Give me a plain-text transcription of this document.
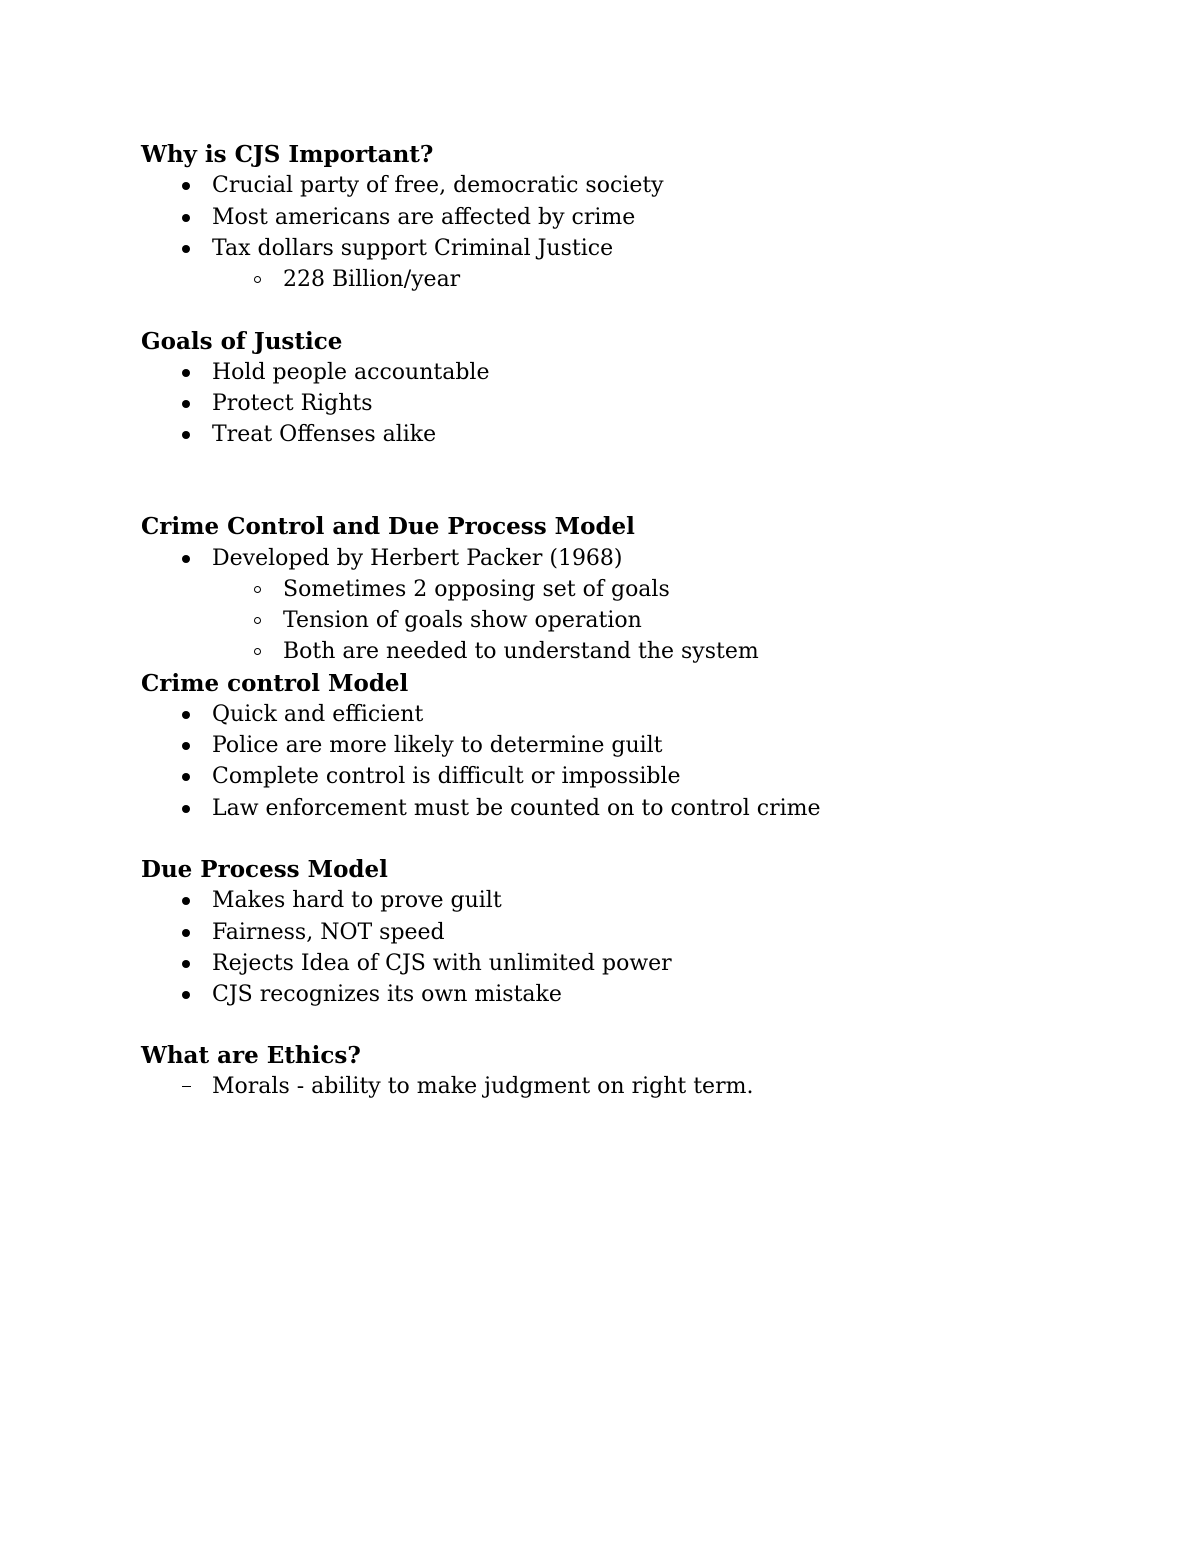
Why is CJS Important?
Crucial party of free, democratic society
Most americans are affected by crime
Tax dollars support Criminal Justice
228 Billion/year
Goals of Justice
Hold people accountable
Protect Rights
Treat Offenses alike
Crime Control and Due Process Model
Developed by Herbert Packer (1968)
Sometimes 2 opposing set of goals
Tension of goals show operation
Both are needed to understand the system
Crime control Model
Quick and efficient
Police are more likely to determine guilt
Complete control is difficult or impossible
Law enforcement must be counted on to control crime
Due Process Model
Makes hard to prove guilt
Fairness, NOT speed
Rejects Idea of CJS with unlimited power
CJS recognizes its own mistake
What are Ethics?
Morals - ability to make judgment on right term.
